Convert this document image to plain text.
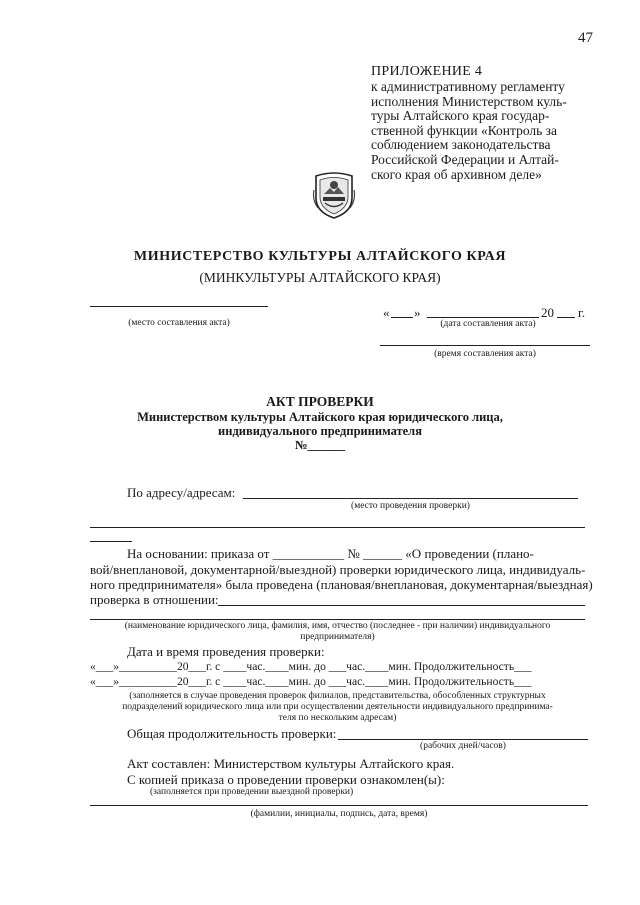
47
ПРИЛОЖЕНИЕ 4
к административному регламенту
исполнения Министерством куль-
туры Алтайского края государ-
ственной функции «Контроль за
соблюдением законодательства
Российской Федерации и Алтай-
ского края об архивном деле»
МИНИСТЕРСТВО КУЛЬТУРЫ АЛТАЙСКОГО КРАЯ
(МИНКУЛЬТУРЫ АЛТАЙСКОГО КРАЯ)
(место составления акта)
« »	20 г.
(дата составления акта)
(время составления акта)
АКТ ПРОВЕРКИ
Министерством культуры Алтайского края юридического лица,
индивидуального предпринимателя
№______
По адресу/адресам:
(место проведения проверки)
На основании: приказа от ___________ № ______ «О проведении (плано-
вой/внеплановой, документарной/выездной) проверки юридического лица, индивидуаль-
ного предпринимателя» была проведена (плановая/внеплановая, документарная/выездная)
проверка в отношении:
(наименование юридического лица, фамилия, имя, отчество (последнее - при наличии) индивидуального
предпринимателя)
Дата и время проведения проверки:
«___»__________20___г. с ____час.____мин. до ___час.____мин. Продолжительность___
«___»__________20___г. с ____час.____мин. до ___час.____мин. Продолжительность___
(заполняется в случае проведения проверок филиалов, представительства, обособленных структурных
подразделений юридического лица или при осуществлении деятельности индивидуального предпринима-
теля по нескольким адресам)
Общая продолжительность проверки:
(рабочих дней/часов)
Акт составлен: Министерством культуры Алтайского края.
С копией приказа о проведении проверки ознакомлен(ы):
(заполняется при проведении выездной проверки)
(фамилии, инициалы, подпись, дата, время)
